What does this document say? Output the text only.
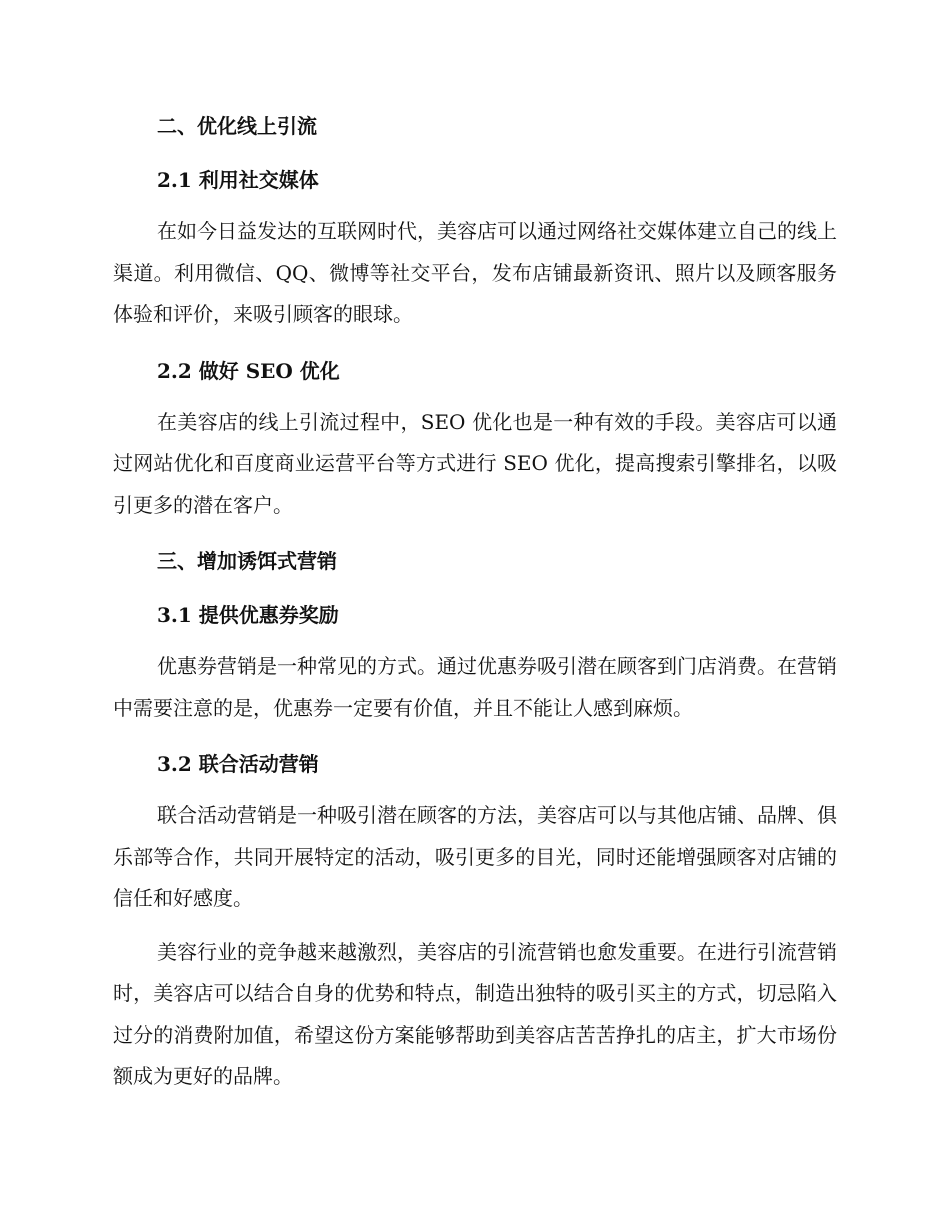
二、优化线上引流
2.1 利用社交媒体

在如今日益发达的互联网时代，美容店可以通过网络社交媒体建立自己的线上渠道。利用微信、QQ、微博等社交平台，发布店铺最新资讯、照片以及顾客服务体验和评价，来吸引顾客的眼球。

2.2 做好 SEO 优化

在美容店的线上引流过程中，SEO 优化也是一种有效的手段。美容店可以通过网站优化和百度商业运营平台等方式进行 SEO 优化，提高搜索引擎排名，以吸引更多的潜在客户。

三、增加诱饵式营销
3.1 提供优惠券奖励

优惠券营销是一种常见的方式。通过优惠券吸引潜在顾客到门店消费。在营销中需要注意的是，优惠券一定要有价值，并且不能让人感到麻烦。

3.2 联合活动营销

联合活动营销是一种吸引潜在顾客的方法，美容店可以与其他店铺、品牌、俱乐部等合作，共同开展特定的活动，吸引更多的目光，同时还能增强顾客对店铺的信任和好感度。

美容行业的竞争越来越激烈，美容店的引流营销也愈发重要。在进行引流营销时，美容店可以结合自身的优势和特点，制造出独特的吸引买主的方式，切忌陷入过分的消费附加值，希望这份方案能够帮助到美容店苦苦挣扎的店主，扩大市场份额成为更好的品牌。
